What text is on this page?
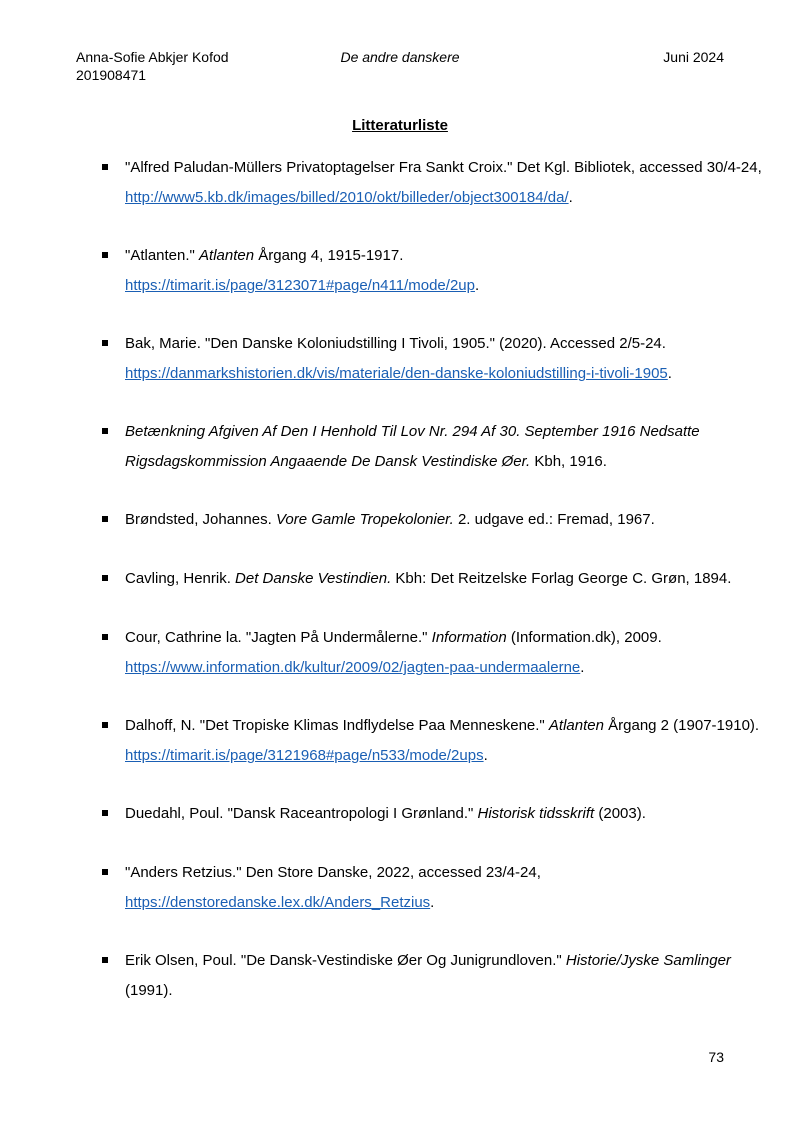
Anna-Sofie Abkjer Kofod
201908471
De andre danskere	Juni 2024
Litteraturliste
"Alfred Paludan-Müllers Privatoptagelser Fra Sankt Croix." Det Kgl. Bibliotek, accessed 30/4-24, http://www5.kb.dk/images/billed/2010/okt/billeder/object300184/da/.
"Atlanten." Atlanten Årgang 4, 1915-1917.
https://timarit.is/page/3123071#page/n411/mode/2up.
Bak, Marie. "Den Danske Koloniudstilling I Tivoli, 1905." (2020). Accessed 2/5-24.
https://danmarkshistorien.dk/vis/materiale/den-danske-koloniudstilling-i-tivoli-1905.
Betænkning Afgiven Af Den I Henhold Til Lov Nr. 294 Af 30. September 1916 Nedsatte Rigsdagskommission Angaaende De Dansk Vestindiske Øer. Kbh, 1916.
Brøndsted, Johannes. Vore Gamle Tropekolonier. 2. udgave ed.: Fremad, 1967.
Cavling, Henrik. Det Danske Vestindien. Kbh: Det Reitzelske Forlag George C. Grøn, 1894.
Cour, Cathrine la. "Jagten På Undermålerne." Information (Information.dk), 2009.
https://www.information.dk/kultur/2009/02/jagten-paa-undermaalerne.
Dalhoff, N. "Det Tropiske Klimas Indflydelse Paa Menneskene." Atlanten Årgang 2 (1907-1910). https://timarit.is/page/3121968#page/n533/mode/2ups.
Duedahl, Poul. "Dansk Raceantropologi I Grønland." Historisk tidsskrift (2003).
"Anders Retzius." Den Store Danske, 2022, accessed 23/4-24,
https://denstoredanske.lex.dk/Anders_Retzius.
Erik Olsen, Poul. "De Dansk-Vestindiske Øer Og Junigrundloven." Historie/Jyske Samlinger (1991).
73
